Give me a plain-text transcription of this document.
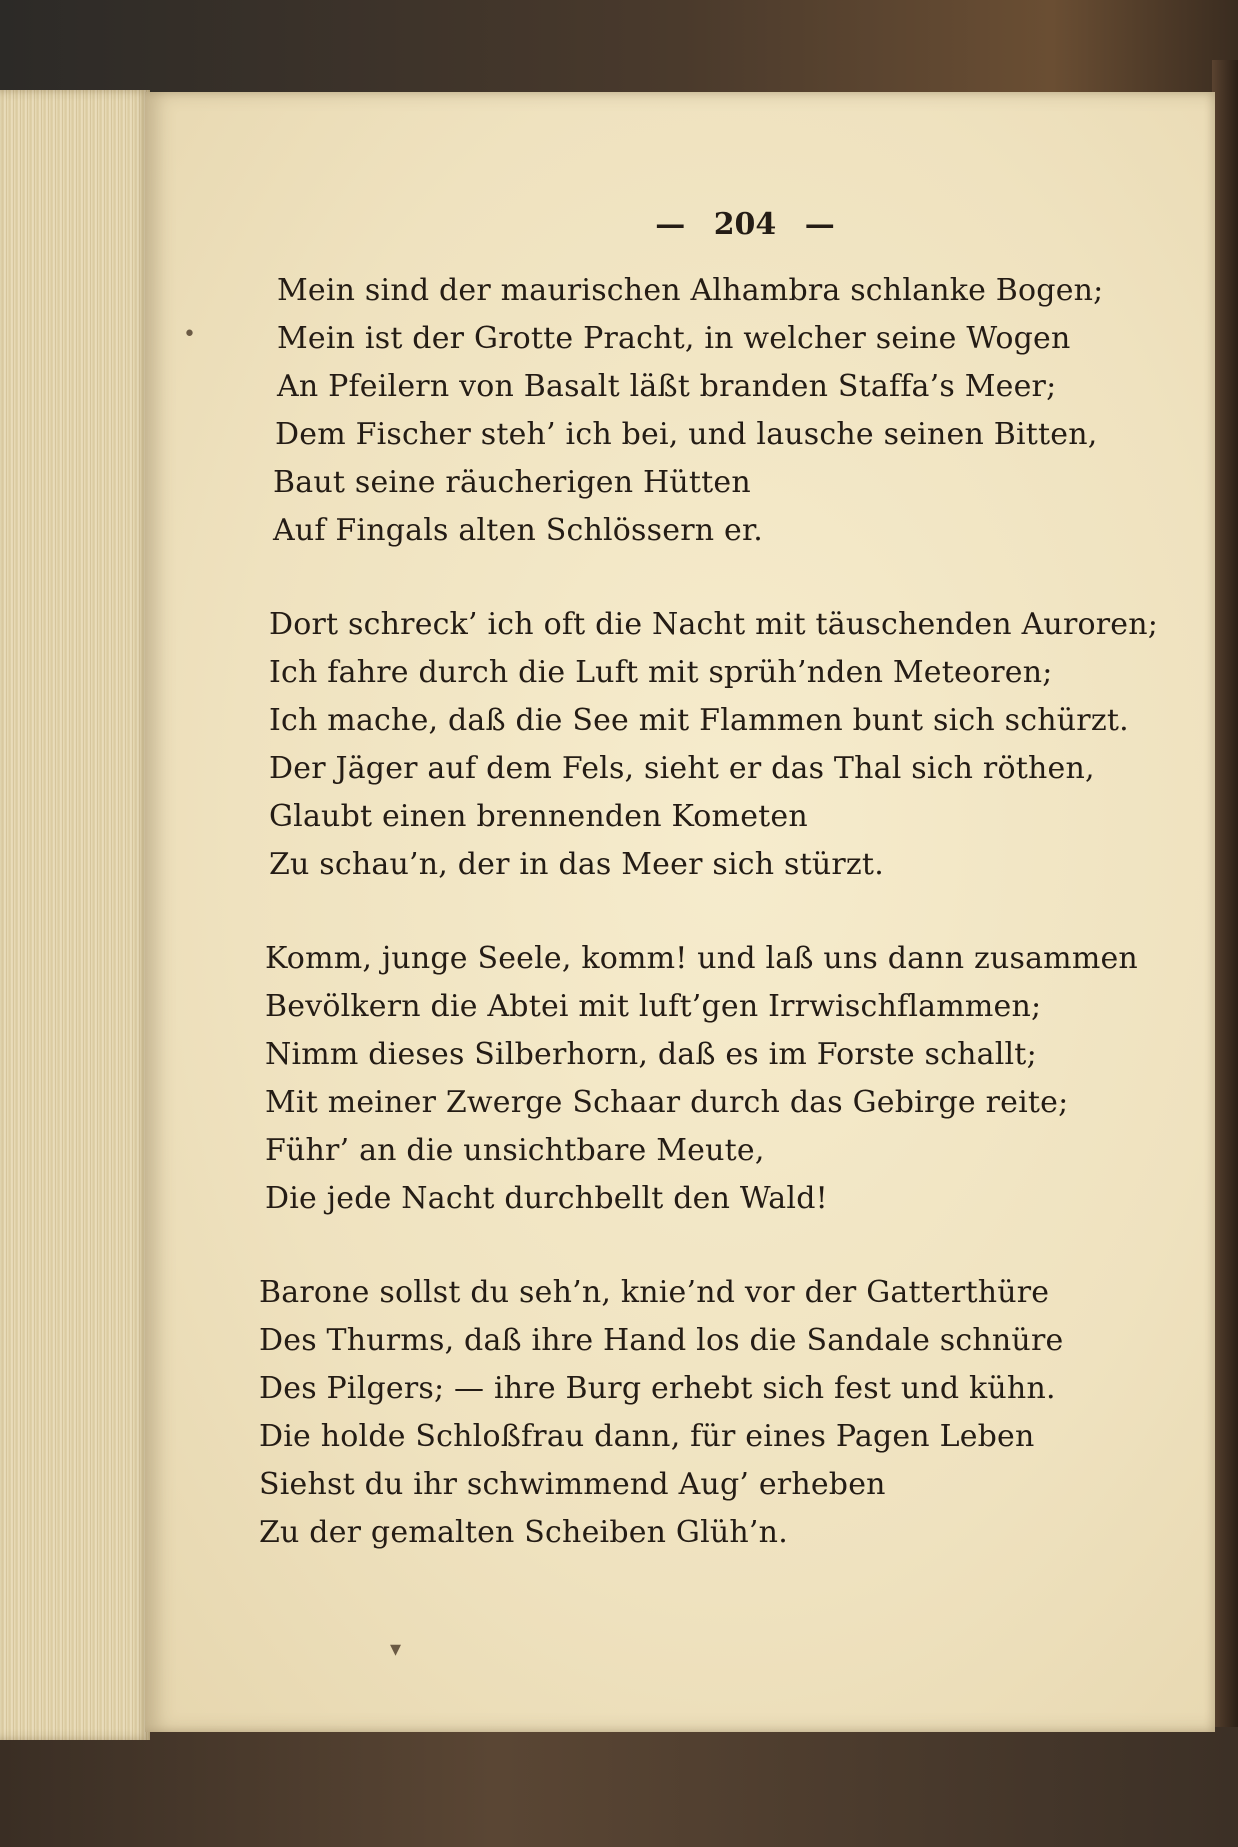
— 204 —
•
▾
Mein sind der maurischen Alhambra schlanke Bogen;
Mein ist der Grotte Pracht, in welcher seine Wogen
An Pfeilern von Basalt läßt branden Staffa’s Meer;
Dem Fischer steh’ ich bei, und lausche seinen Bitten,
Baut seine räucherigen Hütten
Auf Fingals alten Schlössern er.
Dort schreck’ ich oft die Nacht mit täuschenden Auroren;
Ich fahre durch die Luft mit sprüh’nden Meteoren;
Ich mache, daß die See mit Flammen bunt sich schürzt.
Der Jäger auf dem Fels, sieht er das Thal sich röthen,
Glaubt einen brennenden Kometen
Zu schau’n, der in das Meer sich stürzt.
Komm, junge Seele, komm! und laß uns dann zusammen
Bevölkern die Abtei mit luft’gen Irrwischflammen;
Nimm dieses Silberhorn, daß es im Forste schallt;
Mit meiner Zwerge Schaar durch das Gebirge reite;
Führ’ an die unsichtbare Meute,
Die jede Nacht durchbellt den Wald!
Barone sollst du seh’n, knie’nd vor der Gatterthüre
Des Thurms, daß ihre Hand los die Sandale schnüre
Des Pilgers; — ihre Burg erhebt sich fest und kühn.
Die holde Schloßfrau dann, für eines Pagen Leben
Siehst du ihr schwimmend Aug’ erheben
Zu der gemalten Scheiben Glüh’n.
